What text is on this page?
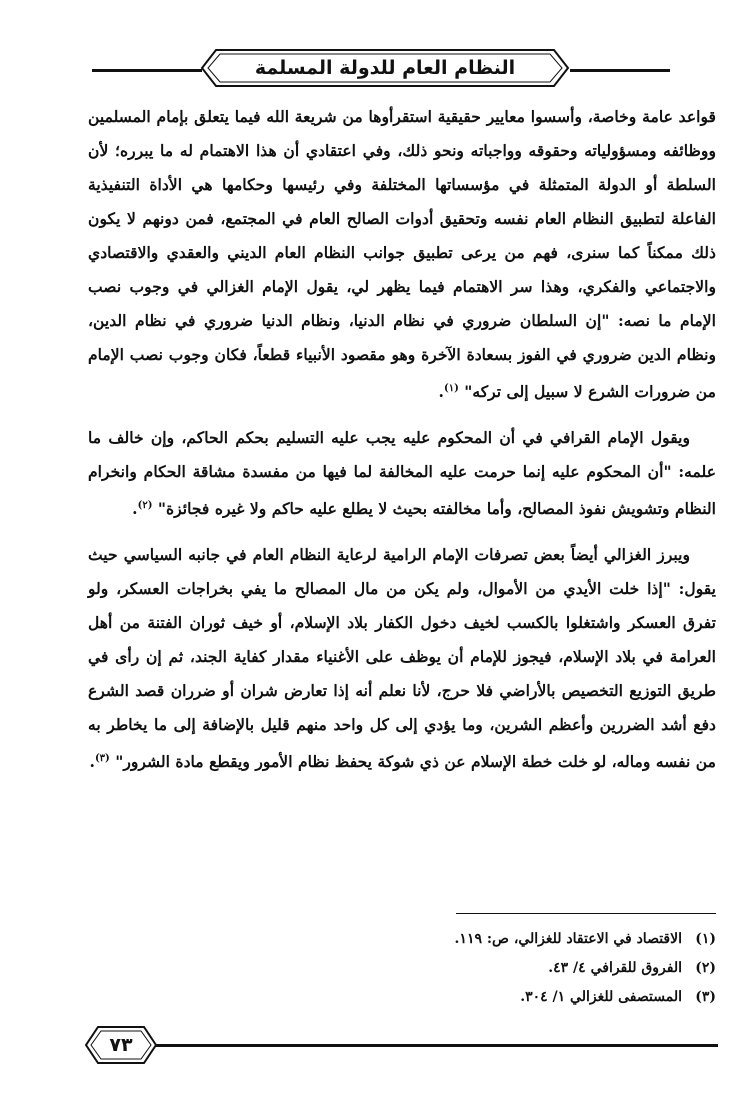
النظام العام للدولة المسلمة

قواعد عامة وخاصة، وأسسوا معايير حقيقية استقرأوها من شريعة الله فيما يتعلق بإمام المسلمين ووظائفه ومسؤولياته وحقوقه وواجباته ونحو ذلك، وفي اعتقادي أن هذا الاهتمام له ما يبرره؛ لأن السلطة أو الدولة المتمثلة في مؤسساتها المختلفة وفي رئيسها وحكامها هي الأداة التنفيذية الفاعلة لتطبيق النظام العام نفسه وتحقيق أدوات الصالح العام في المجتمع، فمن دونهم لا يكون ذلك ممكناً كما سنرى، فهم من يرعى تطبيق جوانب النظام العام الديني والعقدي والاقتصادي والاجتماعي والفكري، وهذا سر الاهتمام فيما يظهر لي، يقول الإمام الغزالي في وجوب نصب الإمام ما نصه: "إن السلطان ضروري في نظام الدنيا، ونظام الدنيا ضروري في نظام الدين، ونظام الدين ضروري في الفوز بسعادة الآخرة وهو مقصود الأنبياء قطعاً، فكان وجوب نصب الإمام من ضرورات الشرع لا سبيل إلى تركه" $^{(١)}$.

ويقول الإمام القرافي في أن المحكوم عليه يجب عليه التسليم بحكم الحاكم، وإن خالف ما علمه: "أن المحكوم عليه إنما حرمت عليه المخالفة لما فيها من مفسدة مشاقة الحكام وانخرام النظام وتشويش نفوذ المصالح، وأما مخالفته بحيث لا يطلع عليه حاكم ولا غيره فجائزة" $^{(٢)}$.

ويبرز الغزالي أيضاً بعض تصرفات الإمام الرامية لرعاية النظام العام في جانبه السياسي حيث يقول: "إذا خلت الأيدي من الأموال، ولم يكن من مال المصالح ما يفي بخراجات العسكر، ولو تفرق العسكر واشتغلوا بالكسب لخيف دخول الكفار بلاد الإسلام، أو خيف ثوران الفتنة من أهل العرامة في بلاد الإسلام، فيجوز للإمام أن يوظف على الأغنياء مقدار كفاية الجند، ثم إن رأى في طريق التوزيع التخصيص بالأراضي فلا حرج، لأنا نعلم أنه إذا تعارض شران أو ضرران قصد الشرع دفع أشد الضررين وأعظم الشرين، وما يؤدي إلى كل واحد منهم قليل بالإضافة إلى ما يخاطر به من نفسه وماله، لو خلت خطة الإسلام عن ذي شوكة يحفظ نظام الأمور ويقطع مادة الشرور" $^{(٣)}$.

(١)
الاقتصاد في الاعتقاد للغزالي، ص: ١١٩.
(٢)
الفروق للقرافي ٤/ ٤٣.
(٣)
المستصفى للغزالي ١/ ٣٠٤.
٧٣
